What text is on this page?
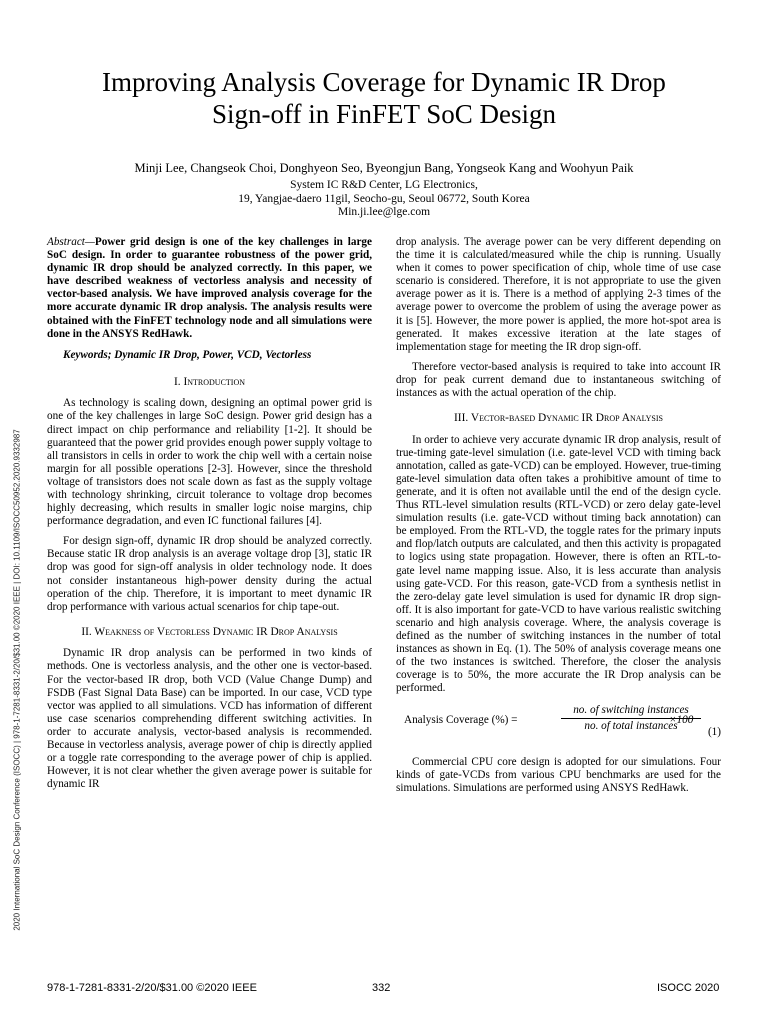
Improving Analysis Coverage for Dynamic IR Drop
Sign-off in FinFET SoC Design
Minji Lee, Changseok Choi, Donghyeon Seo, Byeongjun Bang, Yongseok Kang and Woohyun Paik
System IC R&D Center, LG Electronics,
19, Yangjae-daero 11gil, Seocho-gu, Seoul 06772, South Korea
Min.ji.lee@lge.com

Abstract—Power grid design is one of the key challenges in large SoC design. In order to guarantee robustness of the power grid, dynamic IR drop should be analyzed correctly. In this paper, we have described weakness of vectorless analysis and necessity of vector-based analysis. We have improved analysis coverage for the more accurate dynamic IR drop analysis. The analysis results were obtained with the FinFET technology node and all simulations were done in the ANSYS RedHawk.

Keywords; Dynamic IR Drop, Power, VCD, Vectorless

I. Introduction

As technology is scaling down, designing an optimal power grid is one of the key challenges in large SoC design. Power grid design has a direct impact on chip performance and reliability [1-2]. It should be guaranteed that the power grid provides enough power supply voltage to all transistors in cells in order to work the chip well with a certain noise margin for all possible operations [2-3]. However, since the threshold voltage of transistors does not scale down as fast as the supply voltage with technology shrinking, circuit tolerance to voltage drop becomes highly decreasing, which results in smaller logic noise margins, chip performance degradation, and even IC functional failures [4].

For design sign-off, dynamic IR drop should be analyzed correctly. Because static IR drop analysis is an average voltage drop [3], static IR drop was good for sign-off analysis in older technology node. It does not consider instantaneous high-power density during the actual operation of the chip. Therefore, it is important to meet dynamic IR drop performance with various actual scenarios for chip tape-out.

II. Weakness of Vectorless Dynamic IR Drop Analysis

Dynamic IR drop analysis can be performed in two kinds of methods. One is vectorless analysis, and the other one is vector-based. For the vector-based IR drop, both VCD (Value Change Dump) and FSDB (Fast Signal Data Base) can be imported. In our case, VCD type vector was applied to all simulations. VCD has information of different use case scenarios comprehending different switching activities. In order to accurate analysis, vector-based analysis is recommended. Because in vectorless analysis, average power of chip is directly applied or a toggle rate corresponding to the average power of chip is applied. However, it is not clear whether the given average power is suitable for dynamic IR

drop analysis. The average power can be very different depending on the time it is calculated/measured while the chip is running. Usually when it comes to power specification of chip, whole time of use case scenario is considered. Therefore, it is not appropriate to use the given average power as it is. There is a method of applying 2-3 times of the average power to overcome the problem of using the average power as it is [5]. However, the more power is applied, the more hot-spot area is generated. It makes excessive iteration at the late stages of implementation stage for meeting the IR drop sign-off.

Therefore vector-based analysis is required to take into account IR drop for peak current demand due to instantaneous switching of instances as with the actual operation of the chip.

III. Vector-based Dynamic IR Drop Analysis

In order to achieve very accurate dynamic IR drop analysis, result of true-timing gate-level simulation (i.e. gate-level VCD with timing back annotation, called as gate-VCD) can be employed. However, true-timing gate-level simulation data often takes a prohibitive amount of time to generate, and it is often not available until the end of the design cycle. Thus RTL-level simulation results (RTL-VCD) or zero delay gate-level simulation results (i.e. gate-VCD without timing back annotation) can be employed. From the RTL-VD, the toggle rates for the primary inputs and flop/latch outputs are calculated, and then this activity is propagated to logics using state propagation. However, there is often an RTL-to-gate level name mapping issue. Also, it is less accurate than analysis using gate-VCD. For this reason, gate-VCD from a synthesis netlist in the zero-delay gate level simulation is used for dynamic IR drop sign-off. It is also important for gate-VCD to have various realistic switching scenario and high analysis coverage. Where, the analysis coverage is defined as the number of switching instances in the number of total instances as shown in Eq. (1). The 50% of analysis coverage means one of the two instances is switched. Therefore, the closer the analysis coverage is to 50%, the more accurate the IR Drop analysis can be performed.

Analysis Coverage (%) =
no. of switching instances
no. of total instances
×100
(1)

Commercial CPU core design is adopted for our simulations. Four kinds of gate-VCDs from various CPU benchmarks are used for the simulations. Simulations are performed using ANSYS RedHawk.

2020 International SoC Design Conference (ISOCC) | 978-1-7281-8331-2/20/$31.00 ©2020 IEEE | DOI: 10.1109/ISOCC50952.2020.9332987
978-1-7281-8331-2/20/$31.00 ©2020 IEEE	332	ISOCC 2020
